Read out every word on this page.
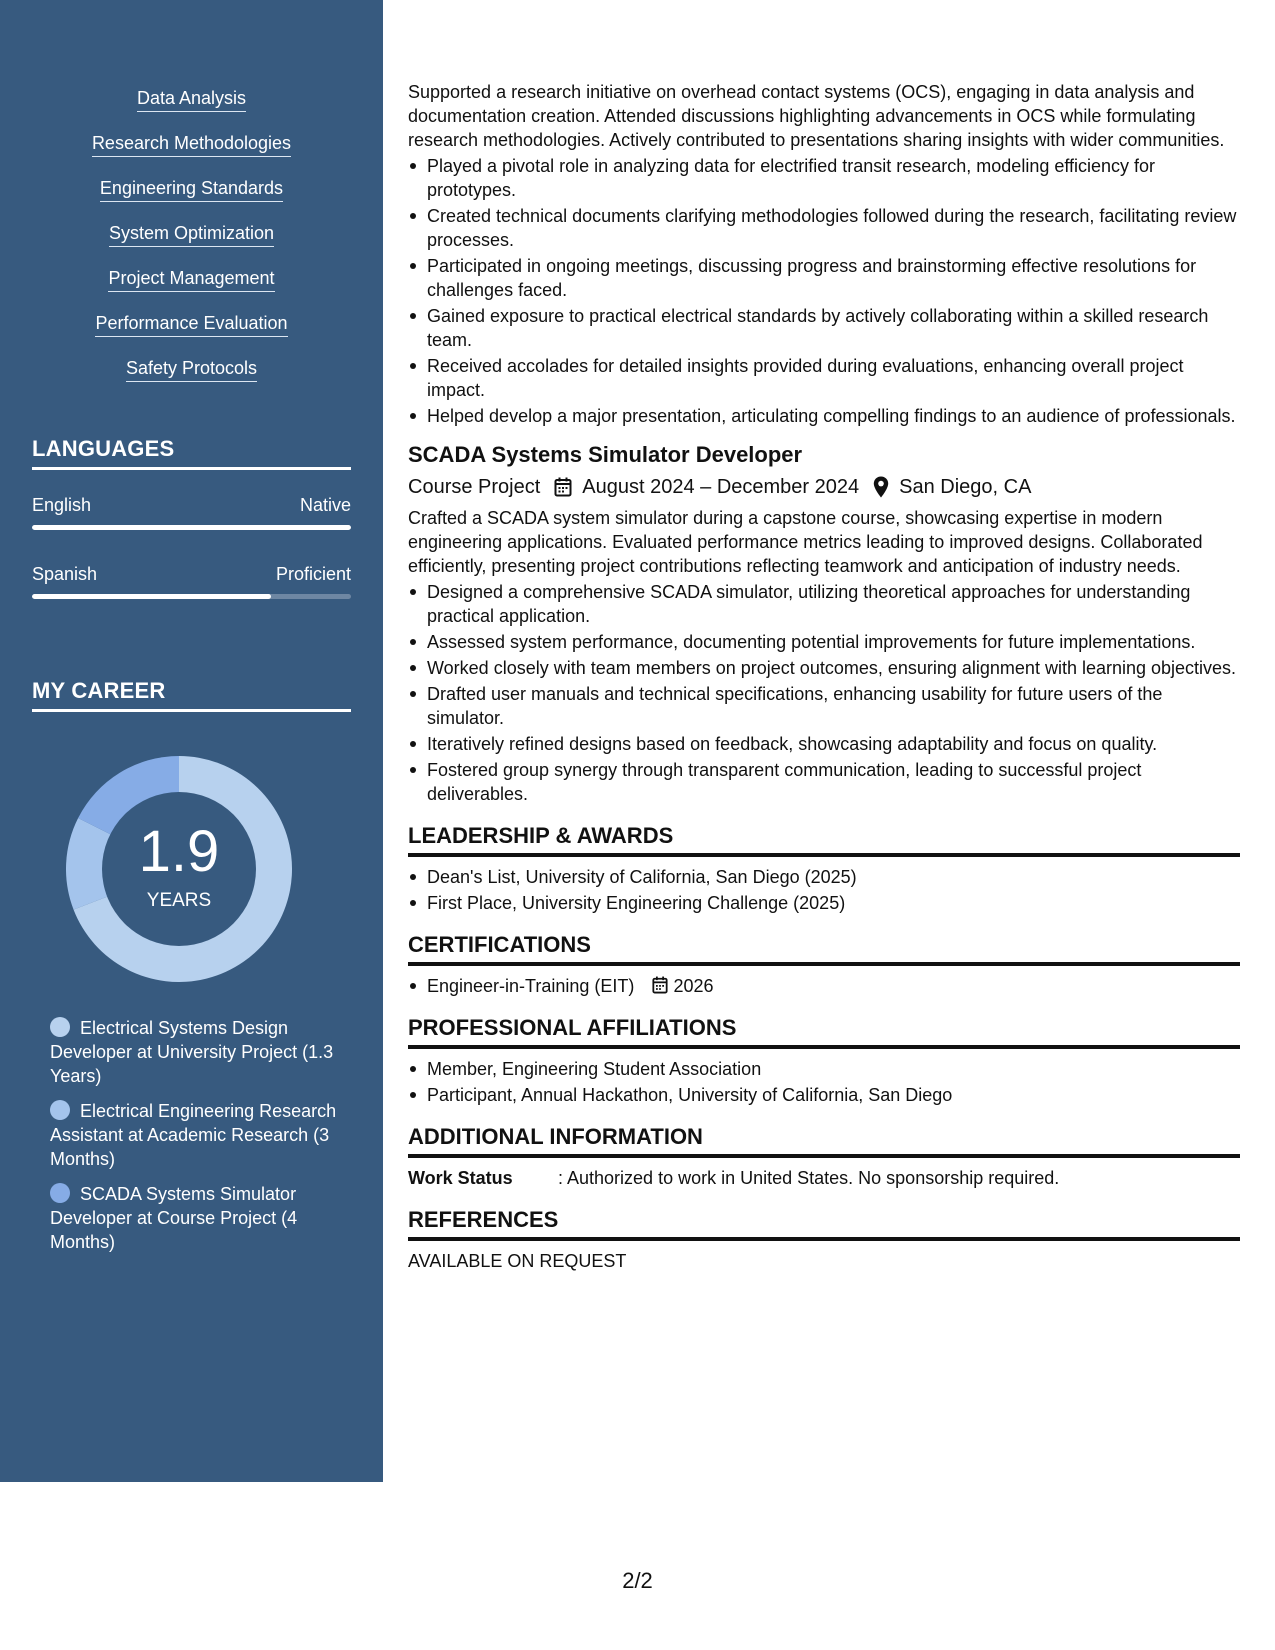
Data Analysis
Research Methodologies
Engineering Standards
System Optimization
Project Management
Performance Evaluation
Safety Protocols
LANGUAGES
English	Native
Spanish	Proficient
MY CAREER
1.9
YEARS
Electrical Systems Design Developer at University Project (1.3 Years)
Electrical Engineering Research Assistant at Academic Research (3 Months)
SCADA Systems Simulator Developer at Course Project (4 Months)

Supported a research initiative on overhead contact systems (OCS), engaging in data analysis and documentation creation. Attended discussions highlighting advancements in OCS while formulating research methodologies. Actively contributed to presentations sharing insights with wider communities.

Played a pivotal role in analyzing data for electrified transit research, modeling efficiency for prototypes.
Created technical documents clarifying methodologies followed during the research, facilitating review processes.
Participated in ongoing meetings, discussing progress and brainstorming effective resolutions for challenges faced.
Gained exposure to practical electrical standards by actively collaborating within a skilled research team.
Received accolades for detailed insights provided during evaluations, enhancing overall project impact.
Helped develop a major presentation, articulating compelling findings to an audience of professionals.
SCADA Systems Simulator Developer
Course Project August 2024 – December 2024 San Diego, CA

Crafted a SCADA system simulator during a capstone course, showcasing expertise in modern engineering applications. Evaluated performance metrics leading to improved designs. Collaborated efficiently, presenting project contributions reflecting teamwork and anticipation of industry needs.

Designed a comprehensive SCADA simulator, utilizing theoretical approaches for understanding practical application.
Assessed system performance, documenting potential improvements for future implementations.
Worked closely with team members on project outcomes, ensuring alignment with learning objectives.
Drafted user manuals and technical specifications, enhancing usability for future users of the simulator.
Iteratively refined designs based on feedback, showcasing adaptability and focus on quality.
Fostered group synergy through transparent communication, leading to successful project deliverables.
LEADERSHIP & AWARDS
Dean's List, University of California, San Diego (2025)
First Place, University Engineering Challenge (2025)
CERTIFICATIONS
Engineer-in-Training (EIT) 2026
PROFESSIONAL AFFILIATIONS
Member, Engineering Student Association
Participant, Annual Hackathon, University of California, San Diego
ADDITIONAL INFORMATION
Work Status	: Authorized to work in United States. No sponsorship required.
REFERENCES
AVAILABLE ON REQUEST
2/2
